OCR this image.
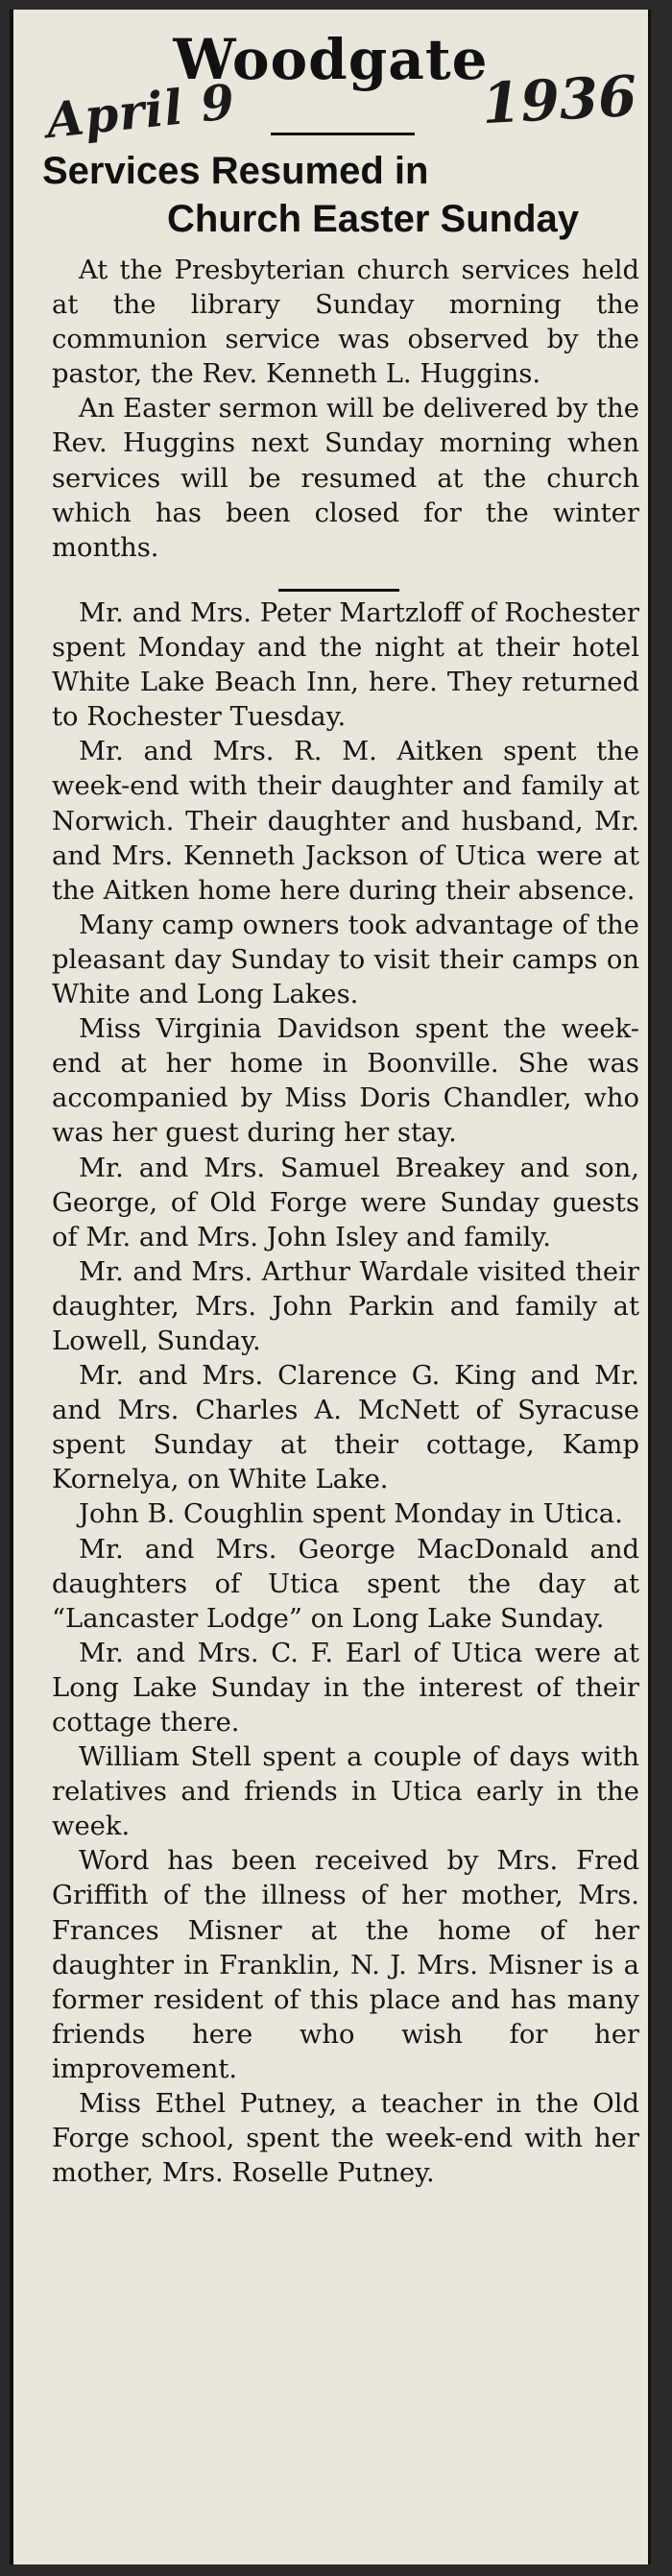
Woodgate
April 9	1936
Services Resumed in
Church Easter Sunday

At the Presbyterian church services held at the library Sunday morning the communion service was observed by the pastor, the Rev. Kenneth L. Huggins.

An Easter sermon will be delivered by the Rev. Huggins next Sunday morning when services will be resumed at the church which has been closed for the winter months.

Mr. and Mrs. Peter Martzloff of Rochester spent Monday and the night at their hotel White Lake Beach Inn, here. They returned to Rochester Tuesday.

Mr. and Mrs. R. M. Aitken spent the week-end with their daughter and family at Norwich. Their daughter and husband, Mr. and Mrs. Kenneth Jackson of Utica were at the Aitken home here during their absence.

Many camp owners took advantage of the pleasant day Sunday to visit their camps on White and Long Lakes.

Miss Virginia Davidson spent the week-end at her home in Boonville. She was accompanied by Miss Doris Chandler, who was her guest during her stay.

Mr. and Mrs. Samuel Breakey and son, George, of Old Forge were Sunday guests of Mr. and Mrs. John Isley and family.

Mr. and Mrs. Arthur Wardale visited their daughter, Mrs. John Parkin and family at Lowell, Sunday.

Mr. and Mrs. Clarence G. King and Mr. and Mrs. Charles A. McNett of Syracuse spent Sunday at their cottage, Kamp Kornelya, on White Lake.

John B. Coughlin spent Monday in Utica.

Mr. and Mrs. George MacDonald and daughters of Utica spent the day at “Lancaster Lodge” on Long Lake Sunday.

Mr. and Mrs. C. F. Earl of Utica were at Long Lake Sunday in the interest of their cottage there.

William Stell spent a couple of days with relatives and friends in Utica early in the week.

Word has been received by Mrs. Fred Griffith of the illness of her mother, Mrs. Frances Misner at the home of her daughter in Franklin, N. J. Mrs. Misner is a former resident of this place and has many friends here who wish for her improvement.

Miss Ethel Putney, a teacher in the Old Forge school, spent the week-end with her mother, Mrs. Roselle Putney.
